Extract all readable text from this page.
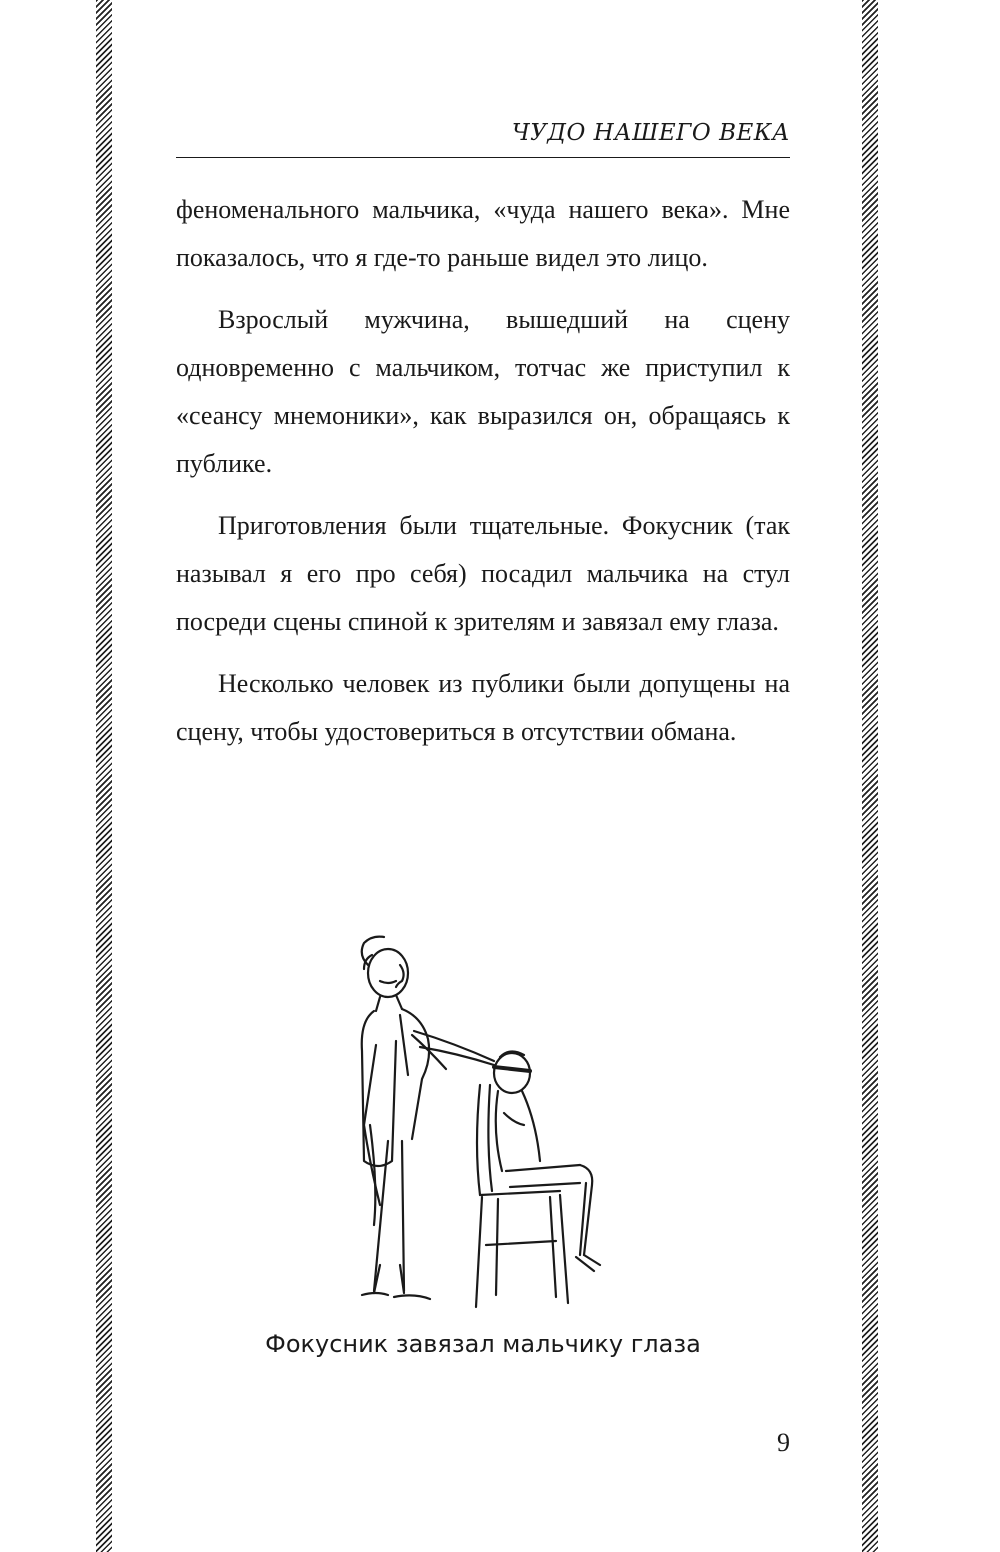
ЧУДО НАШЕГО ВЕКА

феноменального мальчика, «чуда нашего века». Мне показалось, что я где-то раньше видел это лицо.

Взрослый мужчина, вышедший на сцену одновременно с мальчиком, тотчас же приступил к «сеансу мнемоники», как выразился он, обращаясь к публике.

Приготовления были тщательные. Фокусник (так называл я его про себя) посадил мальчика на стул посреди сцены спиной к зрителям и завязал ему глаза.

Несколько человек из публики были допущены на сцену, чтобы удостовериться в отсутствии обмана.

Фокусник завязал мальчику глаза
9
